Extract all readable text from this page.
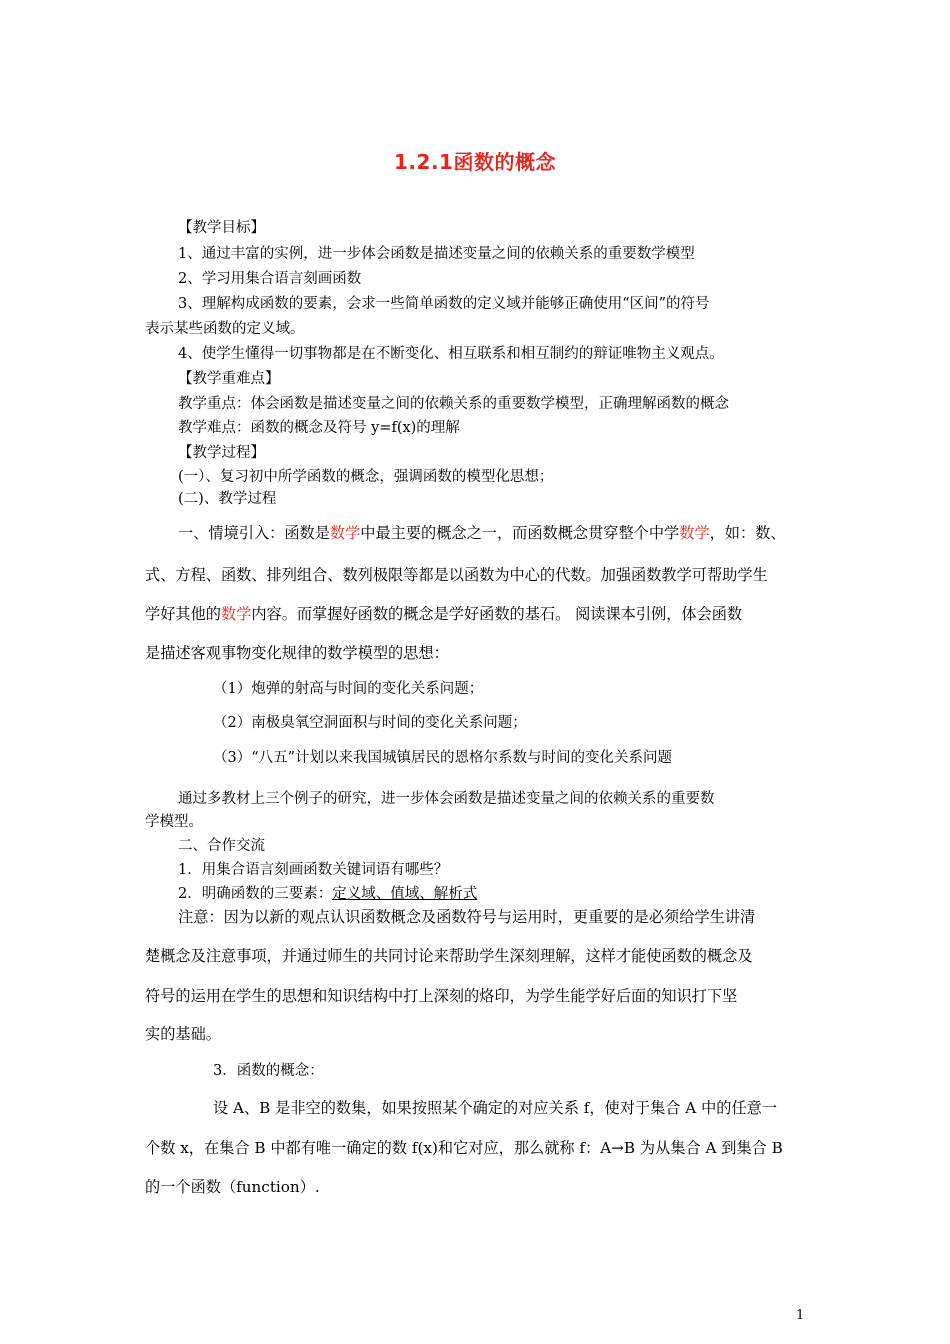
1.2.1函数的概念
【教学目标】
1、通过丰富的实例，进一步体会函数是描述变量之间的依赖关系的重要数学模型
2、学习用集合语言刻画函数
3、理解构成函数的要素，会求一些简单函数的定义域并能够正确使用“区间”的符号
表示某些函数的定义域。
4、使学生懂得一切事物都是在不断变化、相互联系和相互制约的辩证唯物主义观点。
【教学重难点】
教学重点：体会函数是描述变量之间的依赖关系的重要数学模型，正确理解函数的概念
教学难点：函数的概念及符号 y=f(x)的理解
【教学过程】
(一）、复习初中所学函数的概念，强调函数的模型化思想；
(二)、教学过程
一、情境引入：函数是数学中最主要的概念之一，而函数概念贯穿整个中学数学，如：数、
式、方程、函数、排列组合、数列极限等都是以函数为中心的代数。加强函数教学可帮助学生
学好其他的数学内容。而掌握好函数的概念是学好函数的基石。 阅读课本引例，体会函数
是描述客观事物变化规律的数学模型的思想：
（1）炮弹的射高与时间的变化关系问题；
（2）南极臭氧空洞面积与时间的变化关系问题；
（3）“八五”计划以来我国城镇居民的恩格尔系数与时间的变化关系问题
通过多教材上三个例子的研究，进一步体会函数是描述变量之间的依赖关系的重要数
学模型。
二、合作交流
1．用集合语言刻画函数关键词语有哪些？
2．明确函数的三要素：定义域、值域、解析式
注意：因为以新的观点认识函数概念及函数符号与运用时，更重要的是必须给学生讲清
楚概念及注意事项，并通过师生的共同讨论来帮助学生深刻理解，这样才能使函数的概念及
符号的运用在学生的思想和知识结构中打上深刻的烙印，为学生能学好后面的知识打下坚
实的基础。
3．函数的概念：
设 A、B 是非空的数集，如果按照某个确定的对应关系 f，使对于集合 A 中的任意一
个数 x，在集合 B 中都有唯一确定的数 f(x)和它对应，那么就称 f：A→B 为从集合 A 到集合 B
的一个函数（function）.
1
